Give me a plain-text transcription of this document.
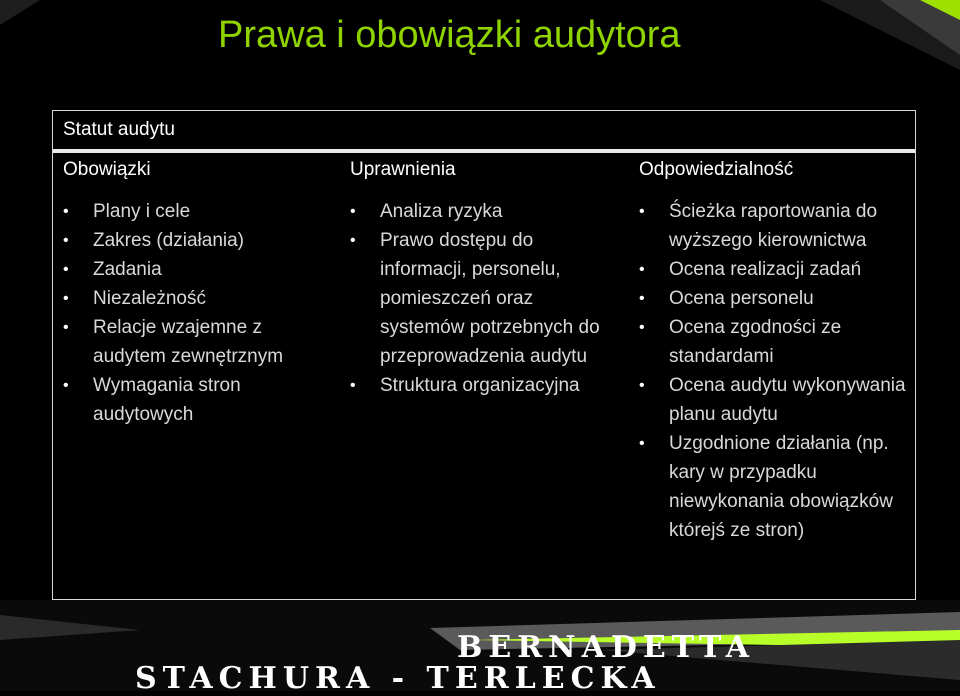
Prawa i obowiązki audytora
Statut audytu
Obowiązki	Uprawnienia	Odpowiedzialność
• Plany i cele
• Zakres (działania)
• Zadania
• Niezależność
• Relacje wzajemne z audytem zewnętrznym
• Wymagania stron audytowych
• Analiza ryzyka
• Prawo dostępu do informacji, personelu, pomieszczeń oraz systemów potrzebnych do przeprowadzenia audytu
• Struktura organizacyjna
• Ścieżka raportowania do wyższego kierownictwa
• Ocena realizacji zadań
• Ocena personelu
• Ocena zgodności ze standardami
• Ocena audytu wykonywania planu audytu
• Uzgodnione działania (np. kary w przypadku niewykonania obowiązków którejś ze stron)
BERNADETTA
STACHURA - TERLECKA
